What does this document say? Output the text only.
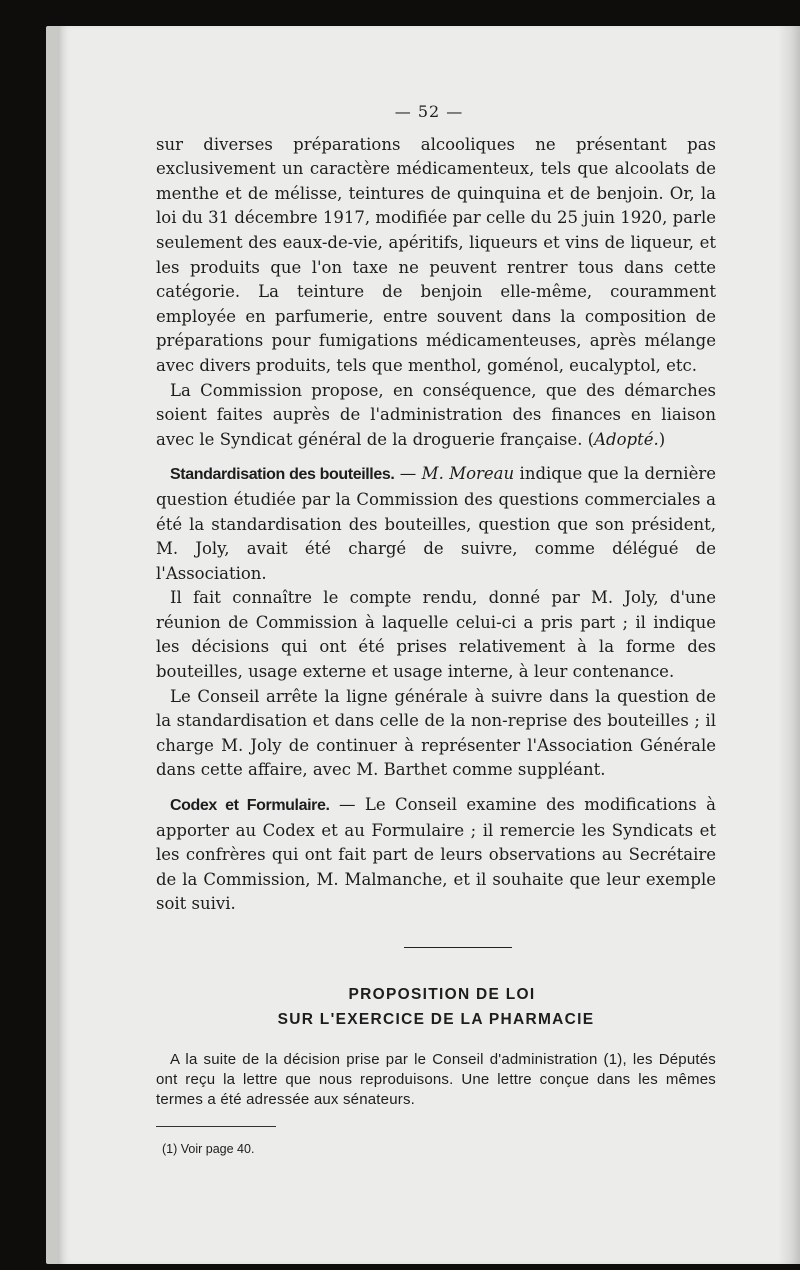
— 52 —

sur diverses préparations alcooliques ne présentant pas exclusivement un caractère médicamenteux, tels que alcoolats de menthe et de mélisse, teintures de quinquina et de benjoin. Or, la loi du 31 décembre 1917, modifiée par celle du 25 juin 1920, parle seulement des eaux-de-vie, apéritifs, liqueurs et vins de liqueur, et les produits que l'on taxe ne peuvent rentrer tous dans cette catégorie. La teinture de benjoin elle-même, couramment employée en parfumerie, entre souvent dans la composition de préparations pour fumigations médicamenteuses, après mélange avec divers produits, tels que menthol, goménol, eucalyptol, etc.

La Commission propose, en conséquence, que des démarches soient faites auprès de l'administration des finances en liaison avec le Syndicat général de la droguerie française. (Adopté.)

Standardisation des bouteilles. — M. Moreau indique que la dernière question étudiée par la Commission des questions commerciales a été la standardisation des bouteilles, question que son président, M. Joly, avait été chargé de suivre, comme délégué de l'Association.

Il fait connaître le compte rendu, donné par M. Joly, d'une réunion de Commission à laquelle celui-ci a pris part ; il indique les décisions qui ont été prises relativement à la forme des bouteilles, usage externe et usage interne, à leur contenance.

Le Conseil arrête la ligne générale à suivre dans la question de la standardisation et dans celle de la non-reprise des bouteilles ; il charge M. Joly de continuer à représenter l'Association Générale dans cette affaire, avec M. Barthet comme suppléant.

Codex et Formulaire. — Le Conseil examine des modifications à apporter au Codex et au Formulaire ; il remercie les Syndicats et les confrères qui ont fait part de leurs observations au Secrétaire de la Commission, M. Malmanche, et il souhaite que leur exemple soit suivi.

PROPOSITION DE LOI
SUR L'EXERCICE DE LA PHARMACIE

A la suite de la décision prise par le Conseil d'administration (1), les Députés ont reçu la lettre que nous reproduisons. Une lettre conçue dans les mêmes termes a été adressée aux sénateurs.

(1) Voir page 40.
